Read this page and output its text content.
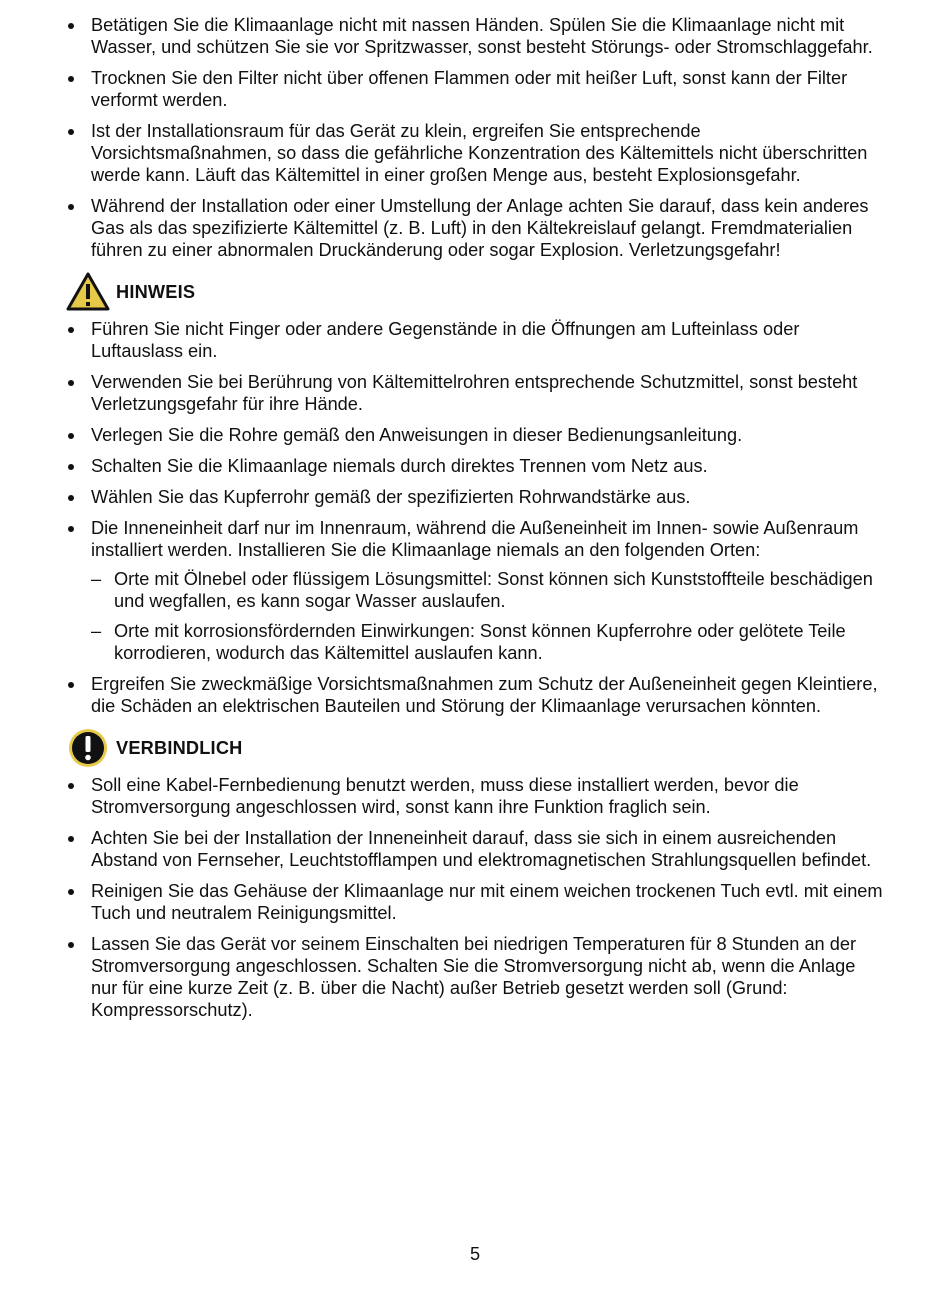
Betätigen Sie die Klimaanlage nicht mit nassen Händen. Spülen Sie die Klimaanlage nicht mit Wasser, und schützen Sie sie vor Spritzwasser, sonst besteht Störungs- oder Stromschlaggefahr.
Trocknen Sie den Filter nicht über offenen Flammen oder mit heißer Luft, sonst kann der Filter verformt werden.
Ist der Installationsraum für das Gerät zu klein, ergreifen Sie entsprechende Vorsichtsmaßnahmen, so dass die gefährliche Konzentration des Kältemittels nicht überschritten werde kann. Läuft das Kältemittel in einer großen Menge aus, besteht Explosionsgefahr.
Während der Installation oder einer Umstellung der Anlage achten Sie darauf, dass kein anderes Gas als das spezifizierte Kältemittel (z. B. Luft) in den Kältekreislauf gelangt. Fremdmaterialien führen zu einer abnormalen Druckänderung oder sogar Explosion. Verletzungsgefahr!
HINWEIS
Führen Sie nicht Finger oder andere Gegenstände in die Öffnungen am Lufteinlass oder Luftauslass ein.
Verwenden Sie bei Berührung von Kältemittelrohren entsprechende Schutzmittel, sonst besteht Verletzungsgefahr für ihre Hände.
Verlegen Sie die Rohre gemäß den Anweisungen in dieser Bedienungsanleitung.
Schalten Sie die Klimaanlage niemals durch direktes Trennen vom Netz aus.
Wählen Sie das Kupferrohr gemäß der spezifizierten Rohrwandstärke aus.
Die Inneneinheit darf nur im Innenraum, während die Außeneinheit im Innen- sowie Außenraum installiert werden. Installieren Sie die Klimaanlage niemals an den folgenden Orten:
– Orte mit Ölnebel oder flüssigem Lösungsmittel: Sonst können sich Kunststoffteile beschädigen und wegfallen, es kann sogar Wasser auslaufen.
– Orte mit korrosionsfördernden Einwirkungen: Sonst können Kupferrohre oder gelötete Teile korrodieren, wodurch das Kältemittel auslaufen kann.
Ergreifen Sie zweckmäßige Vorsichtsmaßnahmen zum Schutz der Außeneinheit gegen Kleintiere, die Schäden an elektrischen Bauteilen und Störung der Klimaanlage verursachen könnten.
VERBINDLICH
Soll eine Kabel-Fernbedienung benutzt werden, muss diese installiert werden, bevor die Stromversorgung angeschlossen wird, sonst kann ihre Funktion fraglich sein.
Achten Sie bei der Installation der Inneneinheit darauf, dass sie sich in einem ausreichenden Abstand von Fernseher, Leuchtstofflampen und elektromagnetischen Strahlungsquellen befindet.
Reinigen Sie das Gehäuse der Klimaanlage nur mit einem weichen trockenen Tuch evtl. mit einem Tuch und neutralem Reinigungsmittel.
Lassen Sie das Gerät vor seinem Einschalten bei niedrigen Temperaturen für 8 Stunden an der Stromversorgung angeschlossen. Schalten Sie die Stromversorgung nicht ab, wenn die Anlage nur für eine kurze Zeit (z. B. über die Nacht) außer Betrieb gesetzt werden soll (Grund: Kompressorschutz).
5
